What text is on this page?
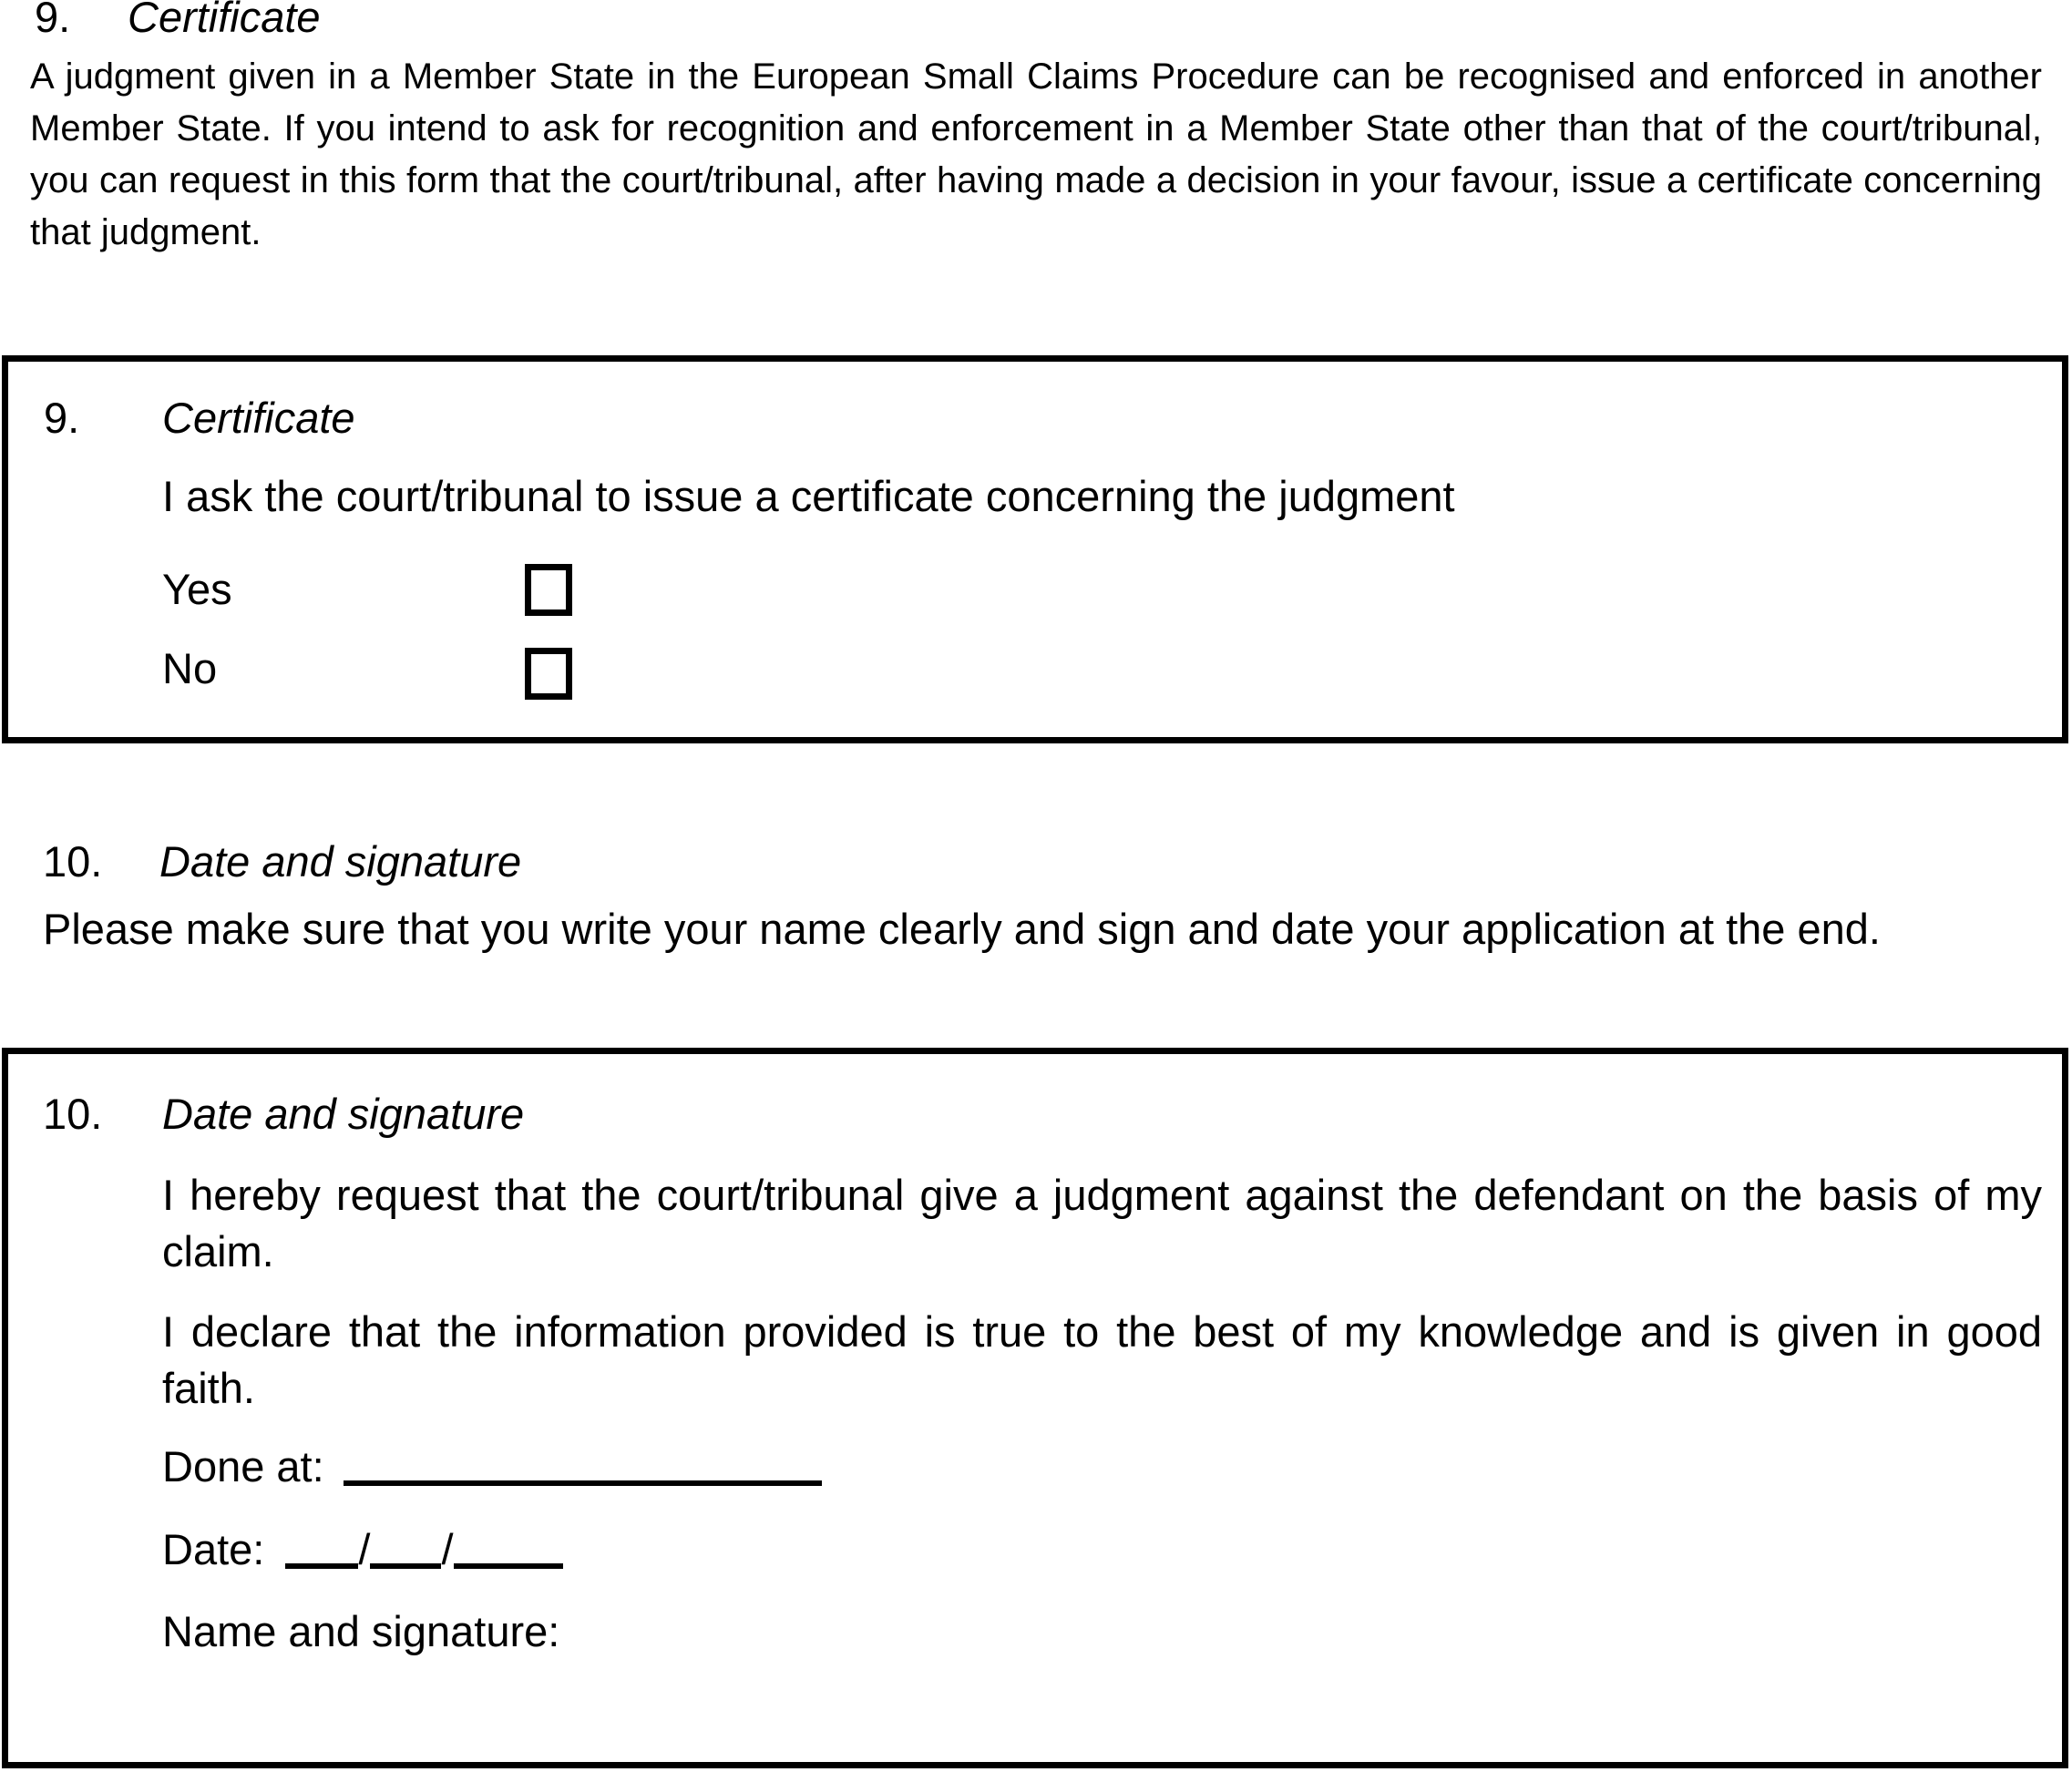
9. Certificate

A judgment given in a Member State in the European Small Claims Procedure can be recognised and enforced in another Member State. If you intend to ask for recognition and enforcement in a Member State other than that of the court/tribunal, you can request in this form that the court/tribunal, after having made a decision in your favour, issue a certificate concerning that judgment.

9. Certificate

I ask the court/tribunal to issue a certificate concerning the judgment

Yes
No
10. Date and signature

Please make sure that you write your name clearly and sign and date your application at the end.

10. Date and signature

I hereby request that the court/tribunal give a judgment against the defendant on the basis of my claim.

I declare that the information provided is true to the best of my knowledge and is given in good faith.

Done at:

Date: / /

Name and signature:
